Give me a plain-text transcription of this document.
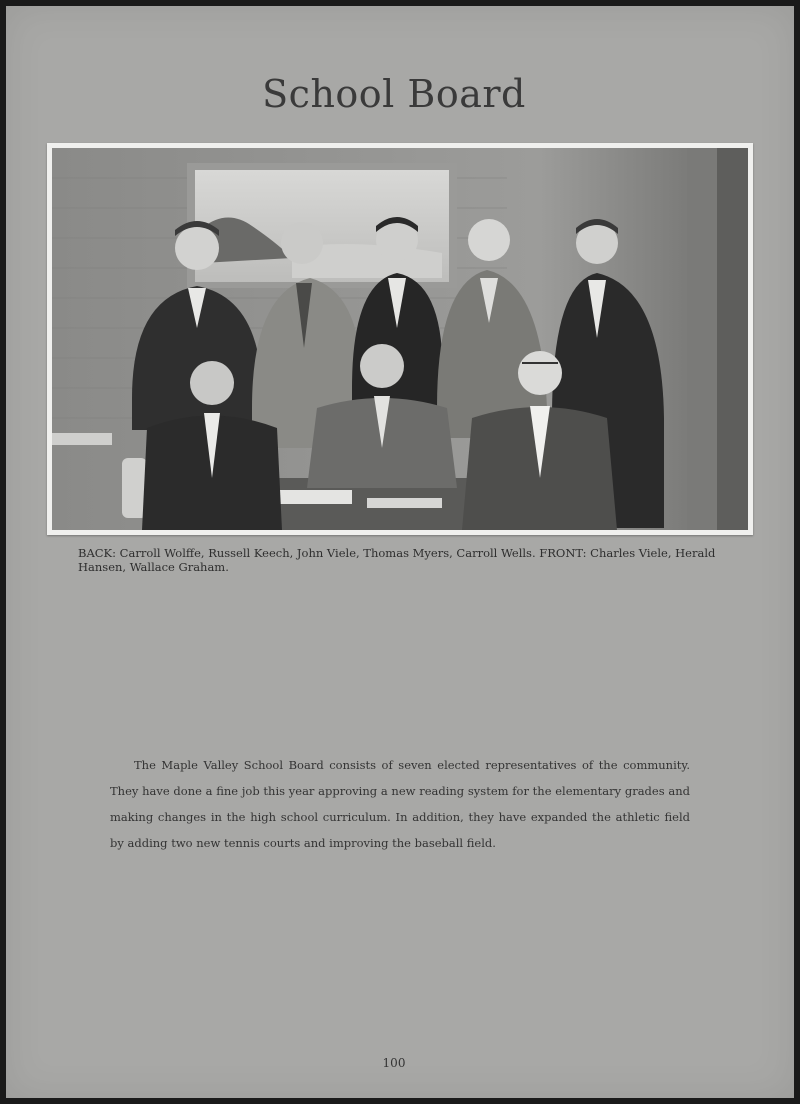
School Board
BACK: Carroll Wolffe, Russell Keech, John Viele, Thomas Myers, Carroll Wells. FRONT: Charles Viele, Herald Hansen, Wallace Graham.

The Maple Valley School Board consists of seven elected representatives of the community. They have done a fine job this year approving a new reading system for the elementary grades and making changes in the high school curriculum. In addition, they have expanded the athletic field by adding two new tennis courts and improving the baseball field.

100
